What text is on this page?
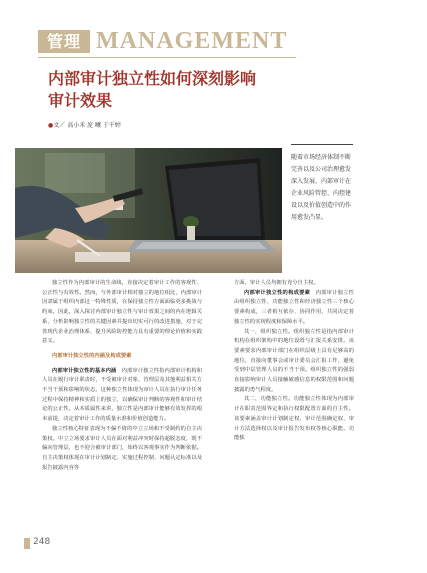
管理 MANAGEMENT
内部审计独立性如何深刻影响
审计效果
●文／ 高小禾 庞 曦 于千婷
随着市场经济体制不断完善以及公司治理愈发深入发展，内部审计在企业风险管控、内控建设以及价值创造中的作用愈发凸显。

独立性作为内部审计的生命线，直接决定着审计工作的客观性、公正性与有效性。然而，与外部审计相对独立的地位相比，内部审计因隶属于组织内部这一特殊性质，在保持独立性方面面临更多挑战与约束。因此，深入探讨内部审计独立性与审计效果之间的内在逻辑关系，分析影响独立性的关键因素并提出切实可行的改进措施，对于完善现代企业治理体系、提升风险防控能力具有重要的理论价值和实践意义。

内部审计独立性的内涵及构成要素

内部审计独立性的基本内涵　 内部审计独立性指内部审计机构和人员在履行审计职责时，不受被审计对象、管理层及其他利益相关方不当干预和影响的状态。这种独立性体现为审计人员在执行审计任务过程中保持精神和实质上的独立，以确保审计判断的客观性和审计结论的公正性。从本质属性来讲，独立性是内部审计能够有效发挥的根本前提，决定着审计工作的质量水准和价值创造能力。

独立性核心特征表现为不偏不倚的中立立场和不受制约的自主决策权。中立立场要求审计人员在面对利益冲突时保持超脱态度，既不偏向管理层，也不迎合被审计部门，始终以客观事实作为判断依据。自主决策权体现在审计计划制定、实施过程控制、问题认定标准以及报告披露内容等

方面，审计人员均拥有充分自主权。

内部审计独立性的构成要素　 内部审计独立性由组织独立性、功能独立性和经济独立性三个核心要素构成，三者相互依存、协同作用，共同决定着独立性的实现程度和保障水平。

其一，组织独立性。组织独立性是指内部审计机构在组织架构中的地位设置与汇报关系安排。该要素要求内部审计部门在组织层级上具有足够高的地位，直接向董事会或审计委员会汇报工作，避免受到中层管理人员的不当干预。组织独立性的强弱直接影响审计人员接触敏感信息的权限范围和问题披露的勇气程度。

其二，功能独立性。功能独立性体现为内部审计在职责范围界定和执行权限配置方面的自主性。该要素涵盖审计计划制定权、审计范围确定权、审计方法选择权以及审计报告发布权等核心职能。功能独

248
